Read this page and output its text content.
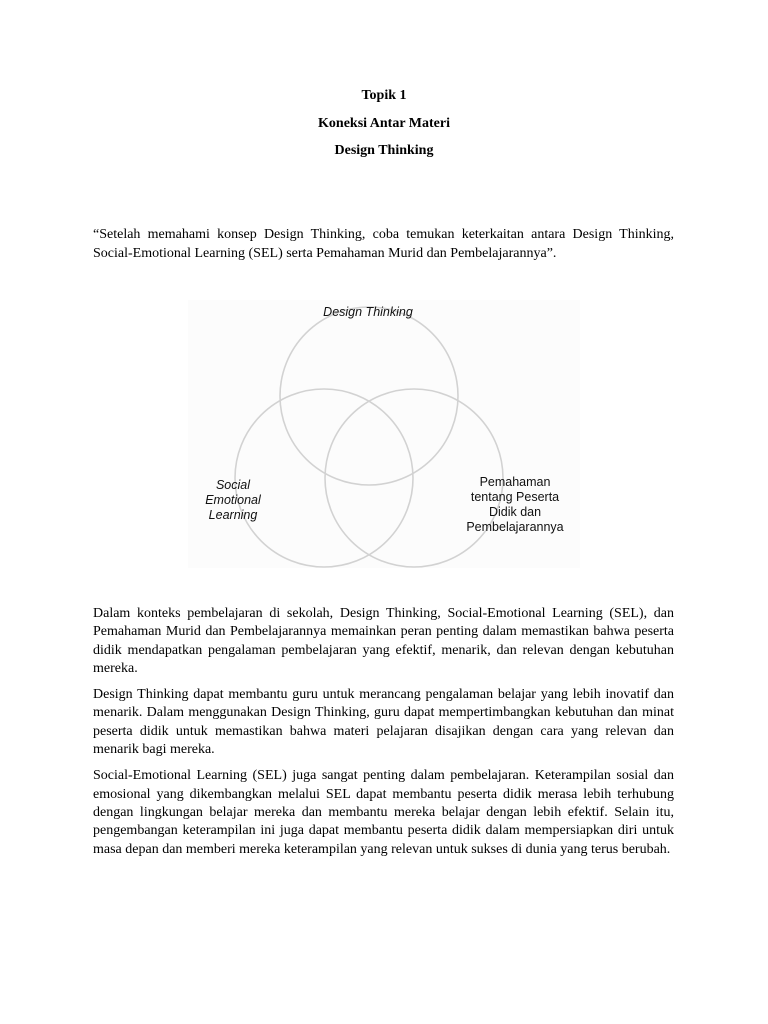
Topik 1
Koneksi Antar Materi
Design Thinking

“Setelah memahami konsep Design Thinking, coba temukan keterkaitan antara Design Thinking, Social-Emotional Learning (SEL) serta Pemahaman Murid dan Pembelajarannya”.

Design Thinking
Social
Emotional
Learning
Pemahaman
tentang Peserta
Didik dan
Pembelajarannya

Dalam konteks pembelajaran di sekolah, Design Thinking, Social-Emotional Learning (SEL), dan Pemahaman Murid dan Pembelajarannya memainkan peran penting dalam memastikan bahwa peserta didik mendapatkan pengalaman pembelajaran yang efektif, menarik, dan relevan dengan kebutuhan mereka.

Design Thinking dapat membantu guru untuk merancang pengalaman belajar yang lebih inovatif dan menarik. Dalam menggunakan Design Thinking, guru dapat mempertimbangkan kebutuhan dan minat peserta didik untuk memastikan bahwa materi pelajaran disajikan dengan cara yang relevan dan menarik bagi mereka.

Social-Emotional Learning (SEL) juga sangat penting dalam pembelajaran. Keterampilan sosial dan emosional yang dikembangkan melalui SEL dapat membantu peserta didik merasa lebih terhubung dengan lingkungan belajar mereka dan membantu mereka belajar dengan lebih efektif. Selain itu, pengembangan keterampilan ini juga dapat membantu peserta didik dalam mempersiapkan diri untuk masa depan dan memberi mereka keterampilan yang relevan untuk sukses di dunia yang terus berubah.
